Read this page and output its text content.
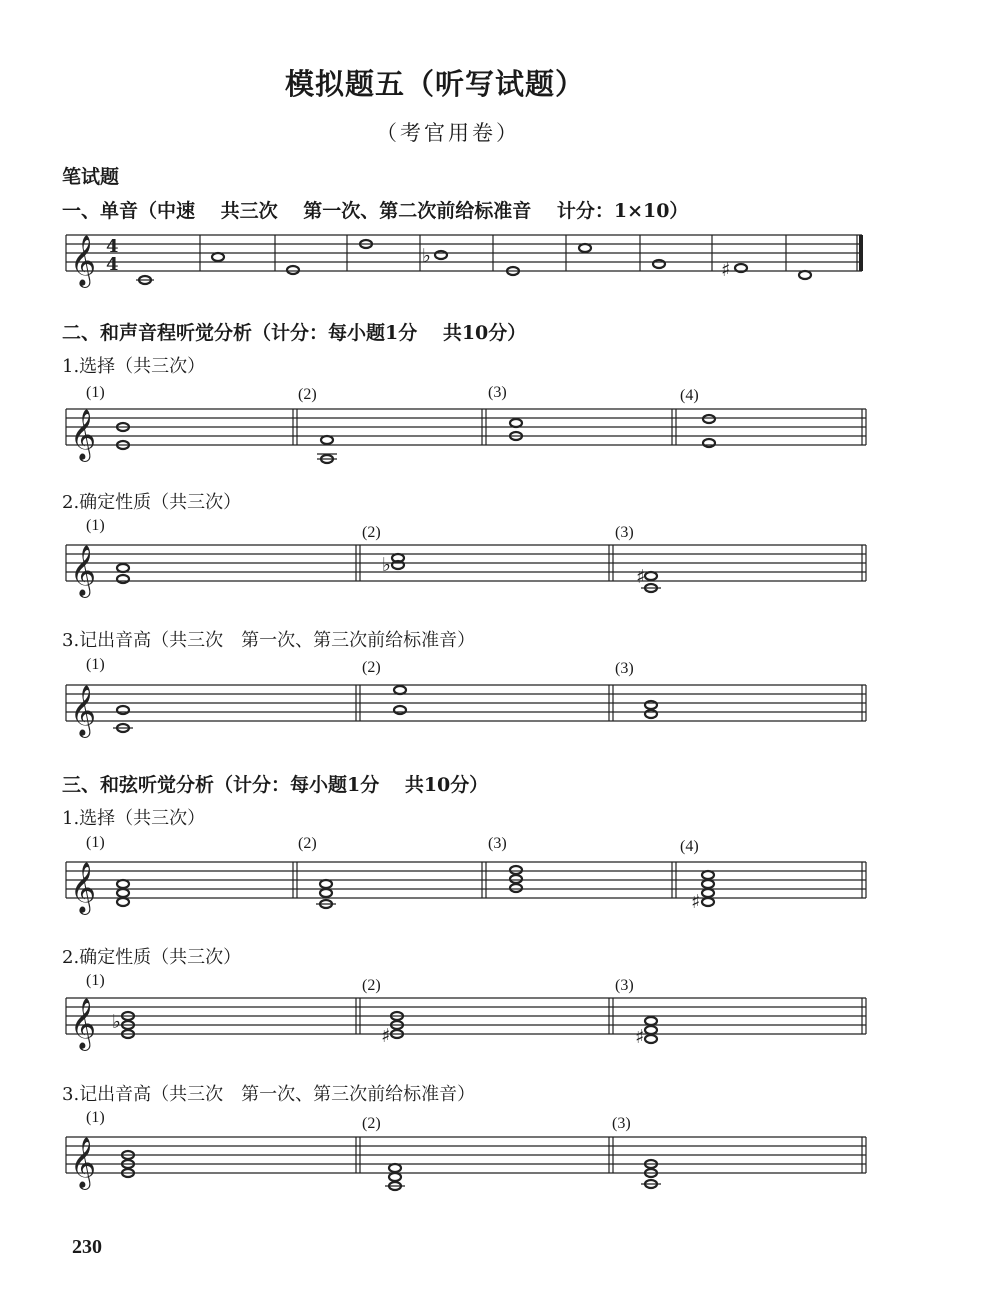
模拟题五（听写试题）
（考官用卷）
笔试题
一、单音（中速　 共三次　 第一次、第二次前给标准音　 计分：1×10）
𝄞 4
4	♭
♯
二、和声音程听觉分析（计分：每小题1分　 共10分）
1.选择（共三次）
(1)	(2)	(3)	(4)
𝄞
2.确定性质（共三次）
(1)	(2)	(3)
𝄞	♭
♯
3.记出音高（共三次　第一次、第三次前给标准音）
(1)	(2)	(3)
𝄞
三、和弦听觉分析（计分：每小题1分　 共10分）
1.选择（共三次）
(1)	(2)	(3)	(4)
𝄞	♯
2.确定性质（共三次）
(1)	(2)	(3)
𝄞 ♭
♯	♯
3.记出音高（共三次　第一次、第三次前给标准音）
(1)	(2)	(3)
𝄞
230
